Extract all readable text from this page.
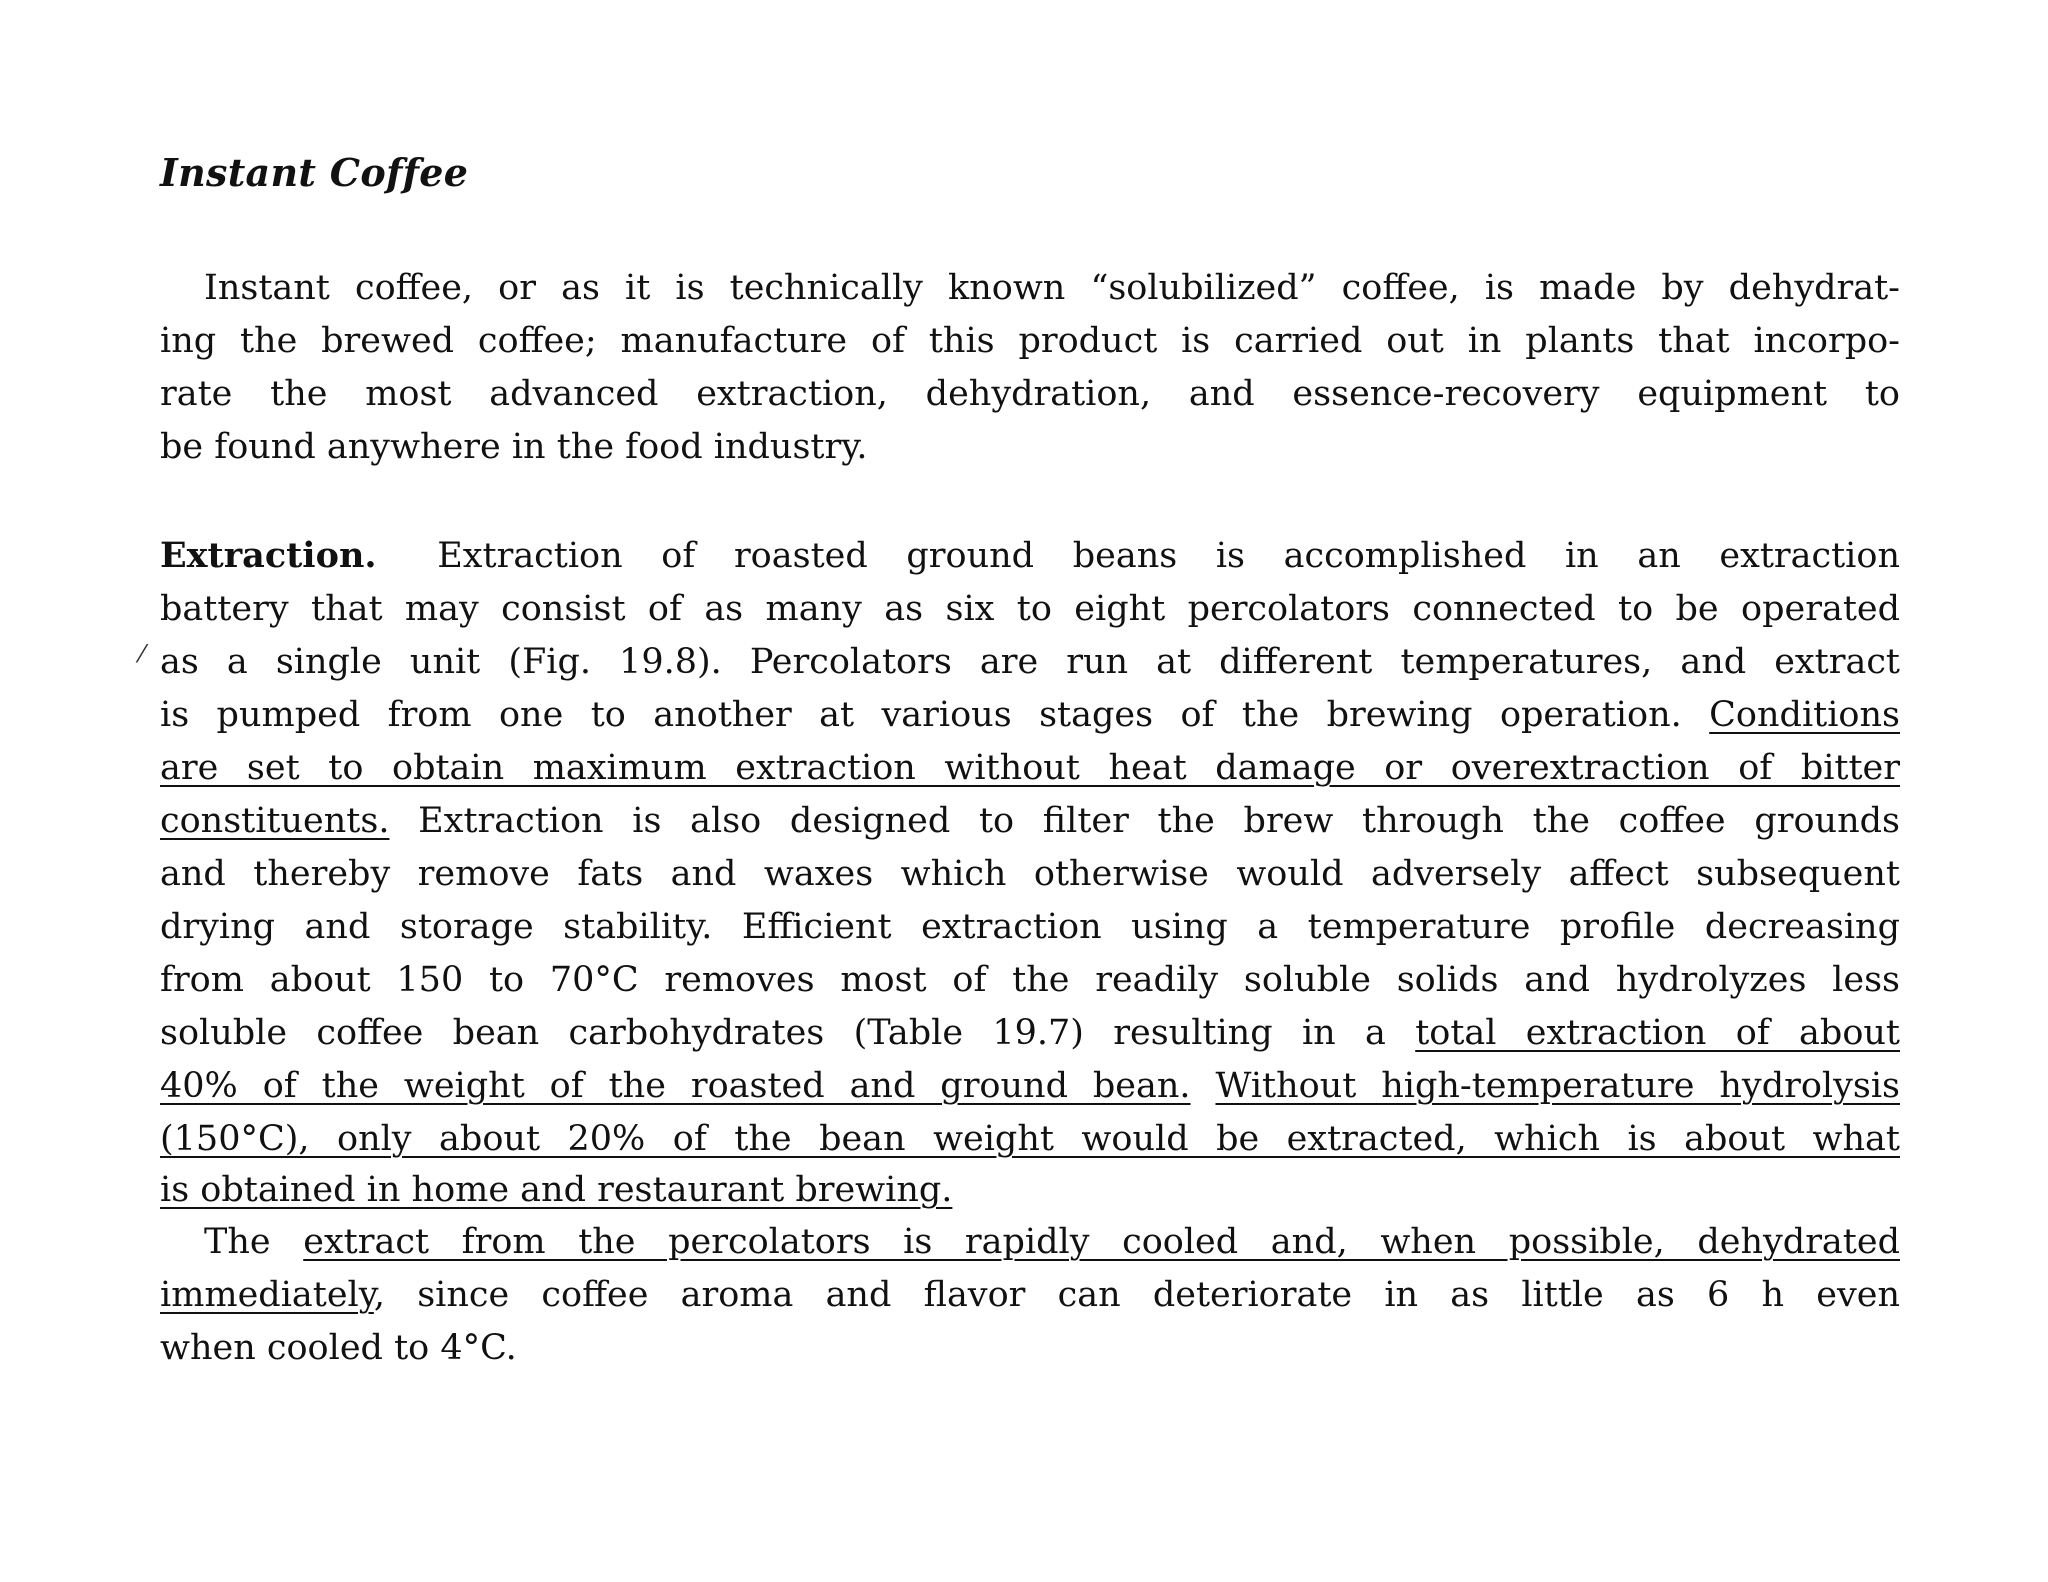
Instant Coffee
Instant coffee, or as it is technically known “solubilized” coffee, is made by dehydrat-
ing the brewed coffee; manufacture of this product is carried out in plants that incorpo-
rate the most advanced extraction, dehydration, and essence-recovery equipment to
be found anywhere in the food industry.
Extraction. Extraction of roasted ground beans is accomplished in an extraction
battery that may consist of as many as six to eight percolators connected to be operated
as a single unit (Fig. 19.8). Percolators are run at different temperatures, and extract
⁄
is pumped from one to another at various stages of the brewing operation. Conditions
are set to obtain maximum extraction without heat damage or overextraction of bitter
constituents. Extraction is also designed to filter the brew through the coffee grounds
and thereby remove fats and waxes which otherwise would adversely affect subsequent
drying and storage stability. Efficient extraction using a temperature profile decreasing
from about 150 to 70°C removes most of the readily soluble solids and hydrolyzes less
soluble coffee bean carbohydrates (Table 19.7) resulting in a total extraction of about
40% of the weight of the roasted and ground bean. Without high-temperature hydrolysis
(150°C), only about 20% of the bean weight would be extracted, which is about what
is obtained in home and restaurant brewing.
The extract from the percolators is rapidly cooled and, when possible, dehydrated
immediately, since coffee aroma and flavor can deteriorate in as little as 6 h even
when cooled to 4°C.
